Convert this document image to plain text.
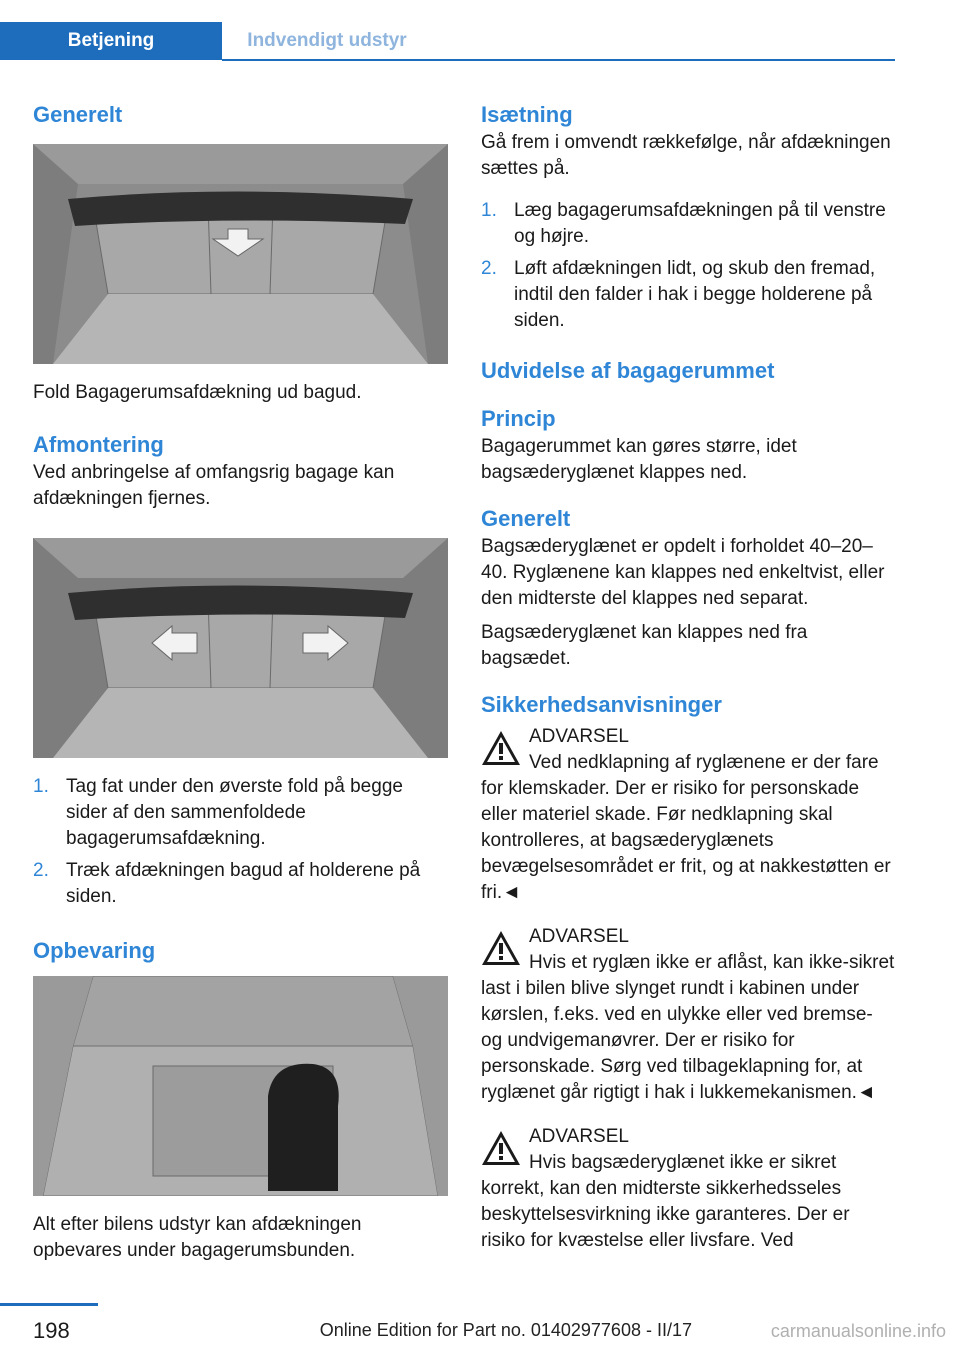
Betjening	Indvendigt udstyr
Generelt

Fold Bagagerumsafdækning ud bagud.

Afmontering

Ved anbringelse af omfangsrig bagage kan afdækningen fjernes.

1. Tag fat under den øverste fold på begge sider af den sammenfoldede bagagerumsafdækning.
2. Træk afdækningen bagud af holderene på siden.
Opbevaring

Alt efter bilens udstyr kan afdækningen opbevares under bagagerumsbunden.

Isætning

Gå frem i omvendt rækkefølge, når afdækningen sættes på.

1. Læg bagagerumsafdækningen på til venstre og højre.
2. Løft afdækningen lidt, og skub den fremad, indtil den falder i hak i begge holderene på siden.
Udvidelse af bagagerummet
Princip

Bagagerummet kan gøres større, idet bagsæderyglænet klappes ned.

Generelt

Bagsæderyglænet er opdelt i forholdet 40–20–40. Ryglænene kan klappes ned enkeltvist, eller den midterste del klappes ned separat.

Bagsæderyglænet kan klappes ned fra bagsædet.

Sikkerhedsanvisninger
ADVARSEL
Ved nedklapning af ryglænene er der fare for klemskader. Der er risiko for personskade eller materiel skade. Før nedklapning skal kontrolleres, at bagsæderyglænets bevægelsesområdet er frit, og at nakkestøtten er fri.◄
ADVARSEL
Hvis et ryglæn ikke er aflåst, kan ikke-sikret last i bilen blive slynget rundt i kabinen under kørslen, f.eks. ved en ulykke eller ved bremse- og undvigemanøvrer. Der er risiko for personskade. Sørg ved tilbageklapning for, at ryglænet går rigtigt i hak i lukkemekanismen.◄
ADVARSEL
Hvis bagsæderyglænet ikke er sikret korrekt, kan den midterste sikkerhedsseles beskyttelsesvirkning ikke garanteres. Der er risiko for kvæstelse eller livsfare. Ved
198	Online Edition for Part no. 01402977608 - II/17	carmanualsonline.info
